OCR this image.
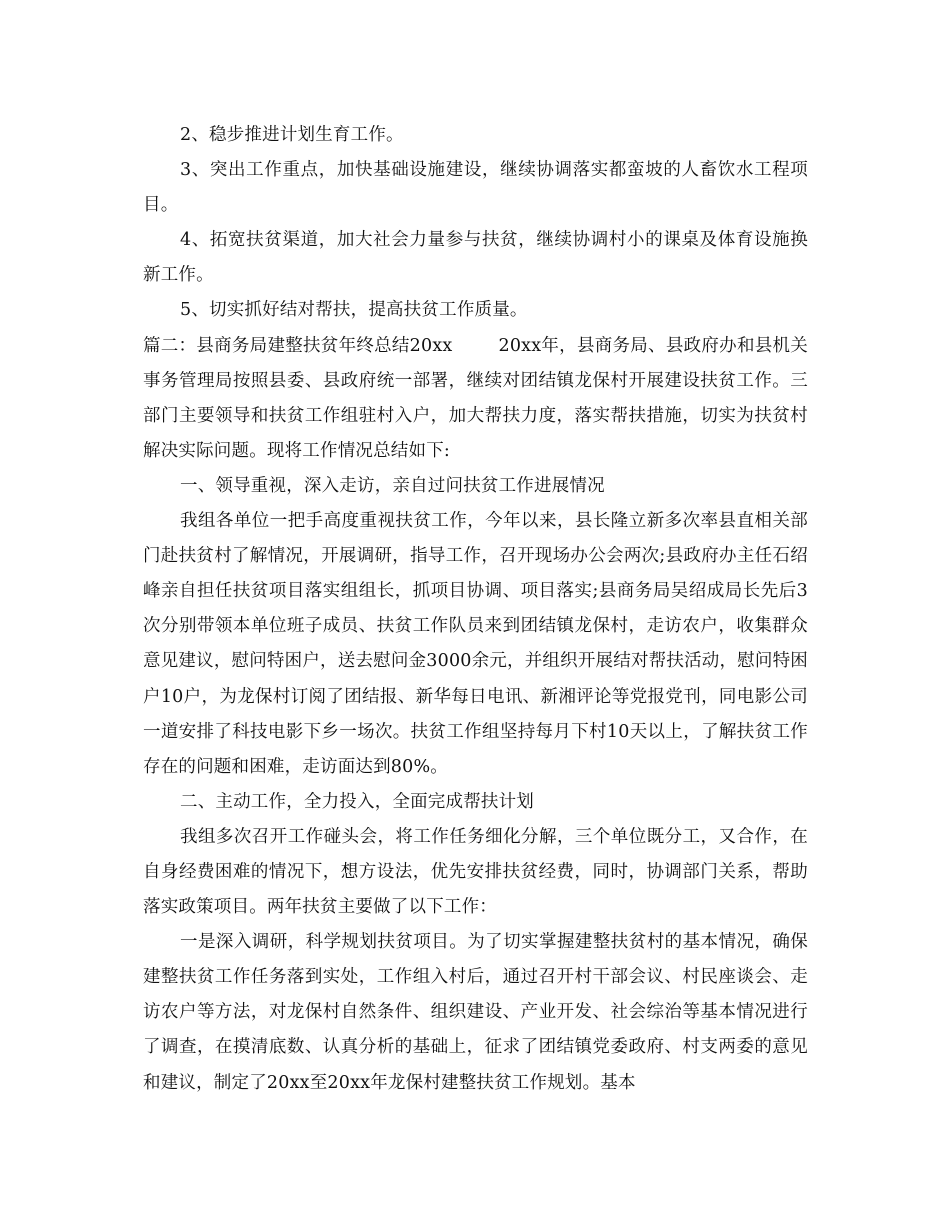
2、稳步推进计划生育工作。

3、突出工作重点，加快基础设施建设，继续协调落实都蛮坡的人畜饮水工程项目。

4、拓宽扶贫渠道，加大社会力量参与扶贫，继续协调村小的课桌及体育设施换新工作。

5、切实抓好结对帮扶，提高扶贫工作质量。

篇二：县商务局建整扶贫年终总结20xx	20xx年，县商务局、县政府办和县机关事务管理局按照县委、县政府统一部署，继续对团结镇龙保村开展建设扶贫工作。三部门主要领导和扶贫工作组驻村入户，加大帮扶力度，落实帮扶措施，切实为扶贫村解决实际问题。现将工作情况总结如下:

一、领导重视，深入走访，亲自过问扶贫工作进展情况

我组各单位一把手高度重视扶贫工作，今年以来，县长隆立新多次率县直相关部门赴扶贫村了解情况，开展调研，指导工作，召开现场办公会两次;县政府办主任石绍峰亲自担任扶贫项目落实组组长，抓项目协调、项目落实;县商务局吴绍成局长先后3次分别带领本单位班子成员、扶贫工作队员来到团结镇龙保村，走访农户，收集群众意见建议，慰问特困户，送去慰问金3000余元，并组织开展结对帮扶活动，慰问特困户10户，为龙保村订阅了团结报、新华每日电讯、新湘评论等党报党刊，同电影公司一道安排了科技电影下乡一场次。扶贫工作组坚持每月下村10天以上，了解扶贫工作存在的问题和困难，走访面达到80%。

二、主动工作，全力投入，全面完成帮扶计划

我组多次召开工作碰头会，将工作任务细化分解，三个单位既分工，又合作，在自身经费困难的情况下，想方设法，优先安排扶贫经费，同时，协调部门关系，帮助落实政策项目。两年扶贫主要做了以下工作：

一是深入调研，科学规划扶贫项目。为了切实掌握建整扶贫村的基本情况，确保建整扶贫工作任务落到实处，工作组入村后，通过召开村干部会议、村民座谈会、走访农户等方法，对龙保村自然条件、组织建设、产业开发、社会综治等基本情况进行了调查，在摸清底数、认真分析的基础上，征求了团结镇党委政府、村支两委的意见和建议，制定了20xx至20xx年龙保村建整扶贫工作规划。基本
